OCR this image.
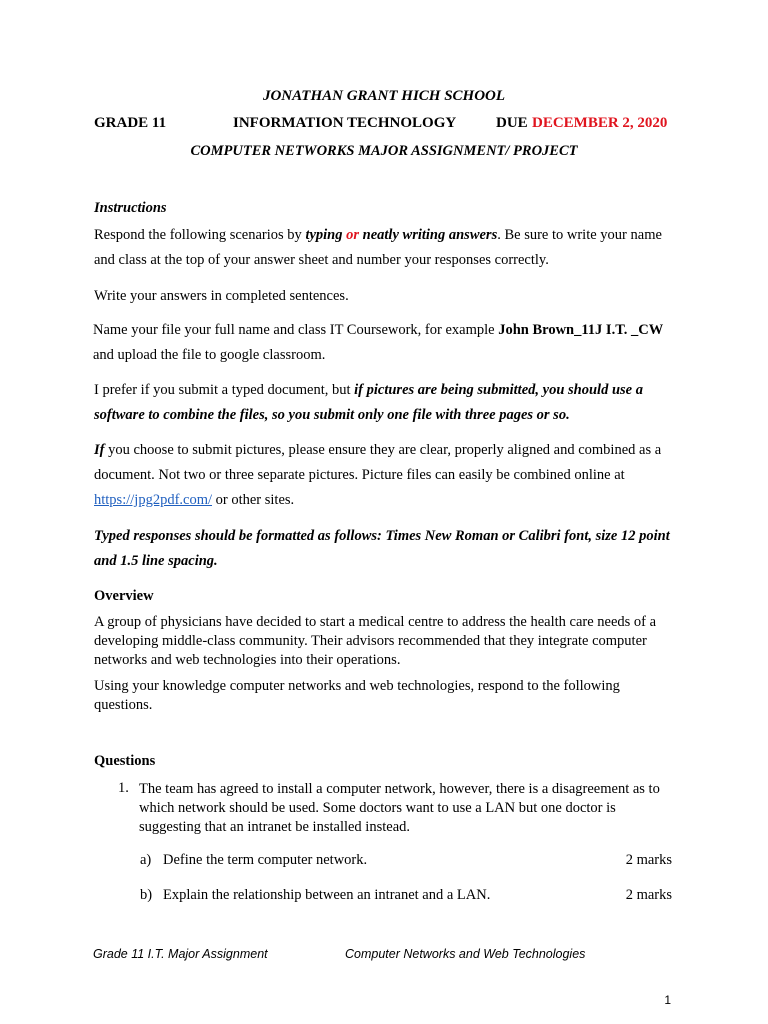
JONATHAN GRANT HICH SCHOOL
GRADE 11	INFORMATION TECHNOLOGY	DUE DECEMBER 2, 2020
COMPUTER NETWORKS MAJOR ASSIGNMENT/ PROJECT
Instructions

Respond the following scenarios by typing or neatly writing answers. Be sure to write your name and class at the top of your answer sheet and number your responses correctly.

Write your answers in completed sentences.

Name your file your full name and class IT Coursework, for example John Brown_11J I.T. _CW and upload the file to google classroom.

I prefer if you submit a typed document, but if pictures are being submitted, you should use a software to combine the files, so you submit only one file with three pages or so.

If you choose to submit pictures, please ensure they are clear, properly aligned and combined as a document. Not two or three separate pictures. Picture files can easily be combined online at https://jpg2pdf.com/ or other sites.

Typed responses should be formatted as follows: Times New Roman or Calibri font, size 12 point and 1.5 line spacing.

Overview

A group of physicians have decided to start a medical centre to address the health care needs of a developing middle-class community. Their advisors recommended that they integrate computer networks and web technologies into their operations.

Using your knowledge computer networks and web technologies, respond to the following questions.

Questions
1. The team has agreed to install a computer network, however, there is a disagreement as to which network should be used. Some doctors want to use a LAN but one doctor is suggesting that an intranet be installed instead.

a) Define the term computer network.	2 marks
b) Explain the relationship between an intranet and a LAN.	2 marks
Grade 11 I.T. Major Assignment	Computer Networks and Web Technologies
1
